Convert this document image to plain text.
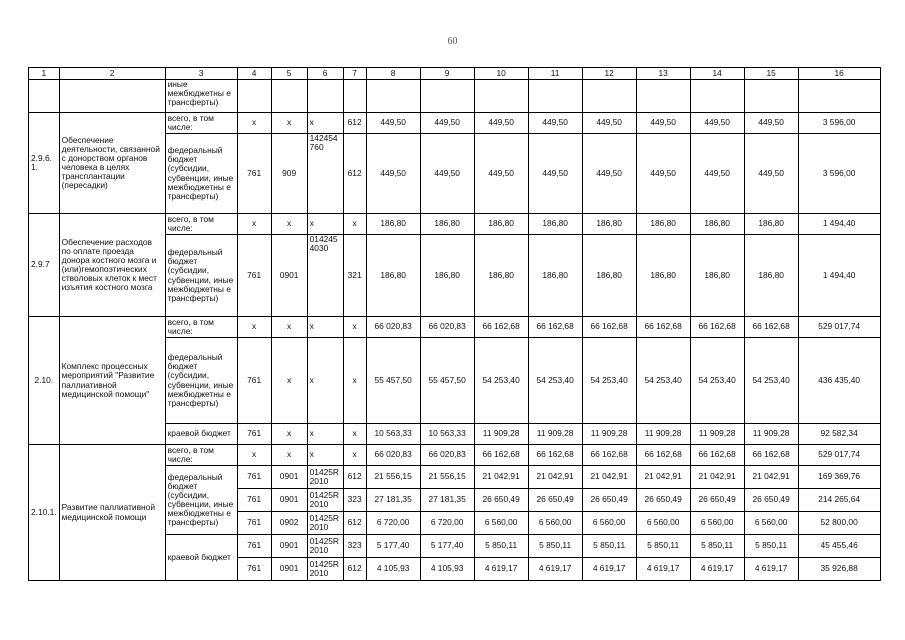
60
1	2	3	4	5	6	7	8	9	10	11	12	13	14	15	16
		иные межбюджетны е трансферты)													
2.9.6. 1.	Обеспечение деятельности, связанной с донорством органов человека в целях трансплантации (пересадки)	всего, в том числе:	x	x	x	612	449,50	449,50	449,50	449,50	449,50	449,50	449,50	449,50	3 596,00
		федеральный бюджет (субсидии, субвенции, иные межбюджетны е трансферты)	761	909	142454 760	612	449,50	449,50	449,50	449,50	449,50	449,50	449,50	449,50	3 596,00
2.9.7	Обеспечение расходов по оплате проезда донора костного мозга и (или)гемопоэтических стволовых клеток к мест изъятия костного мозга	всего, в том числе:	x	x	x	x	186,80	186,80	186,80	186,80	186,80	186,80	186,80	186,80	1 494,40
		федеральный бюджет (субсидии, субвенции, иные межбюджетны е трансферты)	761	0901	014245 4030	321	186,80	186,80	186,80	186,80	186,80	186,80	186,80	186,80	1 494,40
2.10.	Комплекс процессных мероприятий "Развитие паллиативной медицинской помощи"	всего, в том числе:	x	x	x	x	66 020,83	66 020,83	66 162,68	66 162,68	66 162,68	66 162,68	66 162,68	66 162,68	529 017,74
		федеральный бюджет (субсидии, субвенции, иные межбюджетны е трансферты)	761	x	x	x	55 457,50	55 457,50	54 253,40	54 253,40	54 253,40	54 253,40	54 253,40	54 253,40	436 435,40
		краевой бюджет	761	x	x	x	10 563,33	10 563,33	11 909,28	11 909,28	11 909,28	11 909,28	11 909,28	11 909,28	92 582,34
2.10.1.	Развитие паллиативной медицинской помощи	всего, в том числе:	x	x	x	x	66 020,83	66 020,83	66 162,68	66 162,68	66 162,68	66 162,68	66 162,68	66 162,68	529 017,74
		федеральный бюджет (субсидии, субвенции, иные межбюджетны е трансферты)	761	0901	01425R 2010	612	21 556,15	21 556,15	21 042,91	21 042,91	21 042,91	21 042,91	21 042,91	21 042,91	169 369,76
			761	0901	01425R 2010	323	27 181,35	27 181,35	26 650,49	26 650,49	26 650,49	26 650,49	26 650,49	26 650,49	214 265,64
			761	0902	01425R 2010	612	6 720,00	6 720,00	6 560,00	6 560,00	6 560,00	6 560,00	6 560,00	6 560,00	52 800,00
		краевой бюджет	761	0901	01425R 2010	323	5 177,40	5 177,40	5 850,11	5 850,11	5 850,11	5 850,11	5 850,11	5 850,11	45 455,46
			761	0901	01425R 2010	612	4 105,93	4 105,93	4 619,17	4 619,17	4 619,17	4 619,17	4 619,17	4 619,17	35 926,88
